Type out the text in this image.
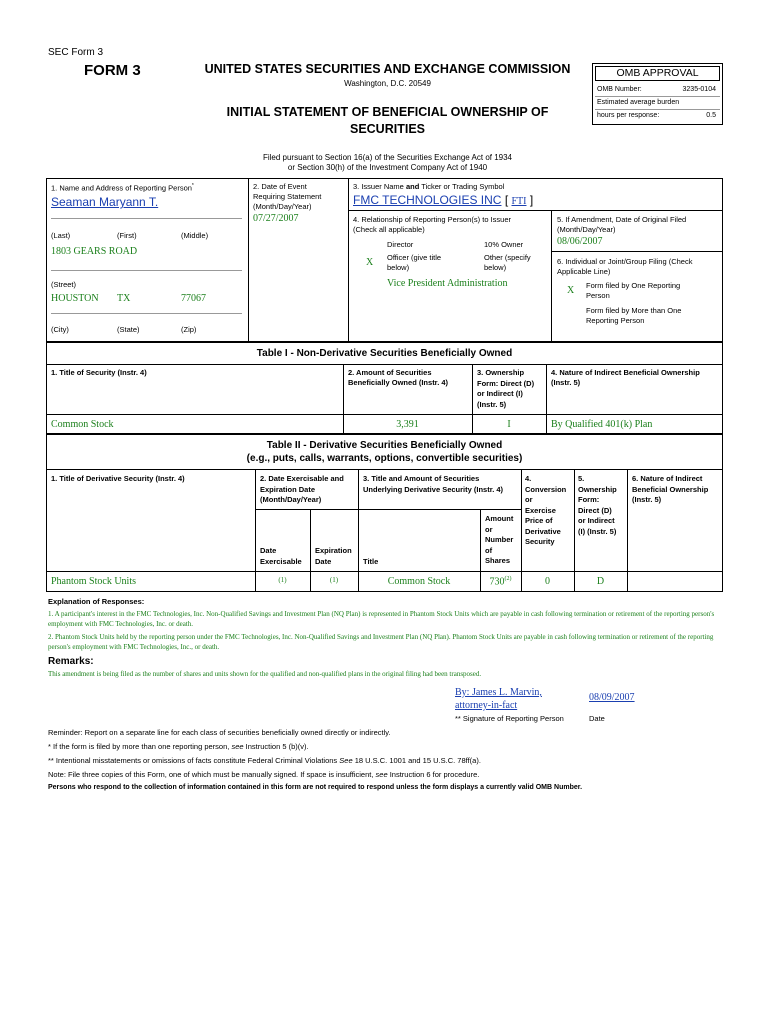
SEC Form 3
FORM 3	UNITED STATES SECURITIES AND EXCHANGE COMMISSION
Washington, D.C. 20549
INITIAL STATEMENT OF BENEFICIAL OWNERSHIP OF SECURITIES
Filed pursuant to Section 16(a) of the Securities Exchange Act of 1934
or Section 30(h) of the Investment Company Act of 1940
OMB APPROVAL
OMB Number:	3235-0104
Estimated average burden
hours per response:	0.5
1. Name and Address of Reporting Person*
Seaman Maryann T.
(Last)	(First)	(Middle)
1803 GEARS ROAD
(Street)
HOUSTON TX	77067
(City)	(State)	(Zip)
2. Date of Event
Requiring Statement
(Month/Day/Year)
07/27/2007
3. Issuer Name and Ticker or Trading Symbol
FMC TECHNOLOGIES INC [ FTI ]
4. Relationship of Reporting Person(s) to Issuer
(Check all applicable)
Director	10% Owner
X Officer (give title
below)
Other (specify
below)
Vice President Administration
5. If Amendment, Date of Original Filed
(Month/Day/Year)
08/06/2007
6. Individual or Joint/Group Filing (Check
Applicable Line)
X Form filed by One Reporting
Person
Form filed by More than One
Reporting Person
Table I - Non-Derivative Securities Beneficially Owned
1. Title of Security (Instr. 4)	2. Amount of Securities
Beneficially Owned (Instr. 4)
3. Ownership
Form: Direct (D)
or Indirect (I)
(Instr. 5)
4. Nature of Indirect Beneficial Ownership
(Instr. 5)
Common Stock	3,391	I	By Qualified 401(k) Plan
Table II - Derivative Securities Beneficially Owned
(e.g., puts, calls, warrants, options, convertible securities)
1. Title of Derivative Security (Instr. 4)	2. Date Exercisable and
Expiration Date
(Month/Day/Year)
3. Title and Amount of Securities
Underlying Derivative Security (Instr. 4)
4.
Conversion
or
Exercise
Price of
Derivative
Security
5.
Ownership
Form:
Direct (D)
or Indirect
(I) (Instr. 5)
6. Nature of Indirect
Beneficial Ownership
(Instr. 5)
Date
Exercisable
Expiration
Date	Title
Amount
or
Number
of
Shares
Phantom Stock Units	(1)	(1)	Common Stock	730$^{(2)}$	0	D
Explanation of Responses:
1. A participant's interest in the FMC Technologies, Inc. Non-Qualified Savings and Investment Plan (NQ Plan) is represented in Phantom Stock Units which are payable in cash following termination or retirement of the reporting person's employment with FMC Technologies, Inc. or death.
2. Phantom Stock Units held by the reporting person under the FMC Technologies, Inc. Non-Qualified Savings and Investment Plan (NQ Plan). Phantom Stock Units are payable in cash following termination or retirement of the reporting person's employment with FMC Technologies, Inc., or death.
Remarks:
This amendment is being filed as the number of shares and units shown for the qualified and non-qualified plans in the original filing had been transposed.
By: James L. Marvin,
attorney-in-fact
08/09/2007
** Signature of Reporting Person	Date
Reminder: Report on a separate line for each class of securities beneficially owned directly or indirectly.
* If the form is filed by more than one reporting person, see Instruction 5 (b)(v).
** Intentional misstatements or omissions of facts constitute Federal Criminal Violations See 18 U.S.C. 1001 and 15 U.S.C. 78ff(a).
Note: File three copies of this Form, one of which must be manually signed. If space is insufficient, see Instruction 6 for procedure.
Persons who respond to the collection of information contained in this form are not required to respond unless the form displays a currently valid OMB Number.
